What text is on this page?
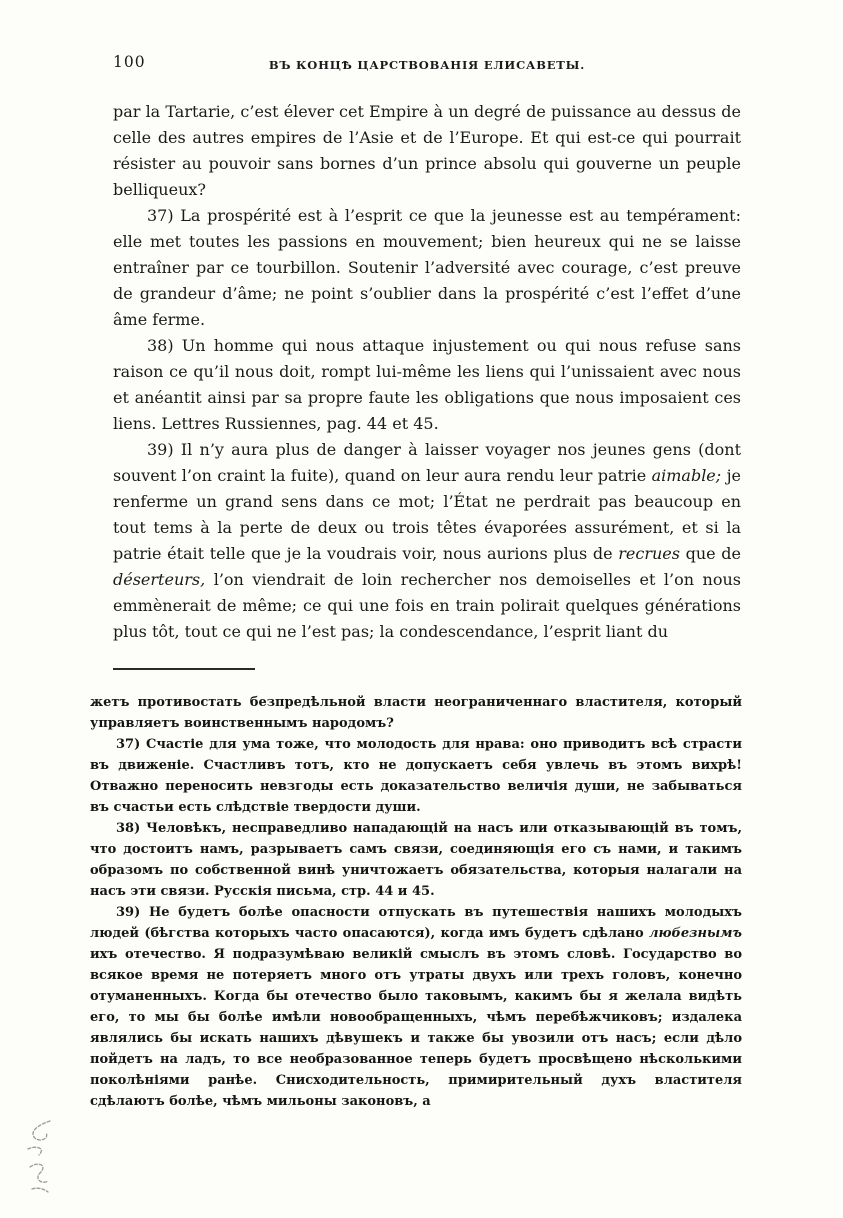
100	ВЪ КОНЦѢ ЦАРСТВОВАНІЯ ЕЛИСАВЕТЫ.

par la Tartarie, c’est élever cet Empire à un degré de puissance au dessus de celle des autres empires de l’Asie et de l’Europe. Et qui est-ce qui pourrait résister au pouvoir sans bornes d’un prince absolu qui gouverne un peuple belliqueux?

37) La prospérité est à l’esprit ce que la jeunesse est au tempérament: elle met toutes les passions en mouvement; bien heureux qui ne se laisse entraîner par ce tourbillon. Soutenir l’adversité avec courage, c’est preuve de grandeur d’âme; ne point s’oublier dans la prospérité c’est l’effet d’une âme ferme.

38) Un homme qui nous attaque injustement ou qui nous refuse sans raison ce qu’il nous doit, rompt lui-même les liens qui l’unissaient avec nous et anéantit ainsi par sa propre faute les obligations que nous imposaient ces liens. Lettres Russiennes, pag. 44 et 45.

39) Il n’y aura plus de danger à laisser voyager nos jeunes gens (dont souvent l’on craint la fuite), quand on leur aura rendu leur patrie aimable; je renferme un grand sens dans ce mot; l’État ne perdrait pas beaucoup en tout tems à la perte de deux ou trois têtes évaporées assurément, et si la patrie était telle que je la voudrais voir, nous aurions plus de recrues que de déserteurs, l’on viendrait de loin rechercher nos demoiselles et l’on nous emmènerait de même; ce qui une fois en train polirait quelques générations plus tôt, tout ce qui ne l’est pas; la condescendance, l’esprit liant du

жетъ противостать безпредѣльной власти неограниченнаго властителя, который управляетъ воинственнымъ народомъ?

37) Счастіе для ума тоже, что молодость для нрава: оно приводитъ всѣ страсти въ движеніе. Счастливъ тотъ, кто не допускаетъ себя увлечь въ этомъ вихрѣ! Отважно переносить невзгоды есть доказательство величія души, не забываться въ счастьи есть слѣдствіе твердости души.

38) Человѣкъ, несправедливо нападающій на насъ или отказывающій въ томъ, что достоитъ намъ, разрываетъ самъ связи, соединяющія его съ нами, и такимъ образомъ по собственной винѣ уничтожаетъ обязательства, которыя налагали на насъ эти связи. Русскія письма, стр. 44 и 45.

39) Не будетъ болѣе опасности отпускать въ путешествія нашихъ молодыхъ людей (бѣгства которыхъ часто опасаются), когда имъ будетъ сдѣлано любезнымъ ихъ отечество. Я подразумѣваю великій смыслъ въ этомъ словѣ. Государство во всякое время не потеряетъ много отъ утраты двухъ или трехъ головъ, конечно отуманенныхъ. Когда бы отечество было таковымъ, какимъ бы я желала видѣть его, то мы бы болѣе имѣли новообращенныхъ, чѣмъ перебѣжчиковъ; издалека являлись бы искать нашихъ дѣвушекъ и также бы увозили отъ насъ; если дѣло пойдетъ на ладъ, то все необразованное теперь будетъ просвѣщено нѣсколькими поколѣніями ранѣе. Снисходительность, примирительный духъ властителя сдѣлаютъ болѣе, чѣмъ мильоны законовъ, а
